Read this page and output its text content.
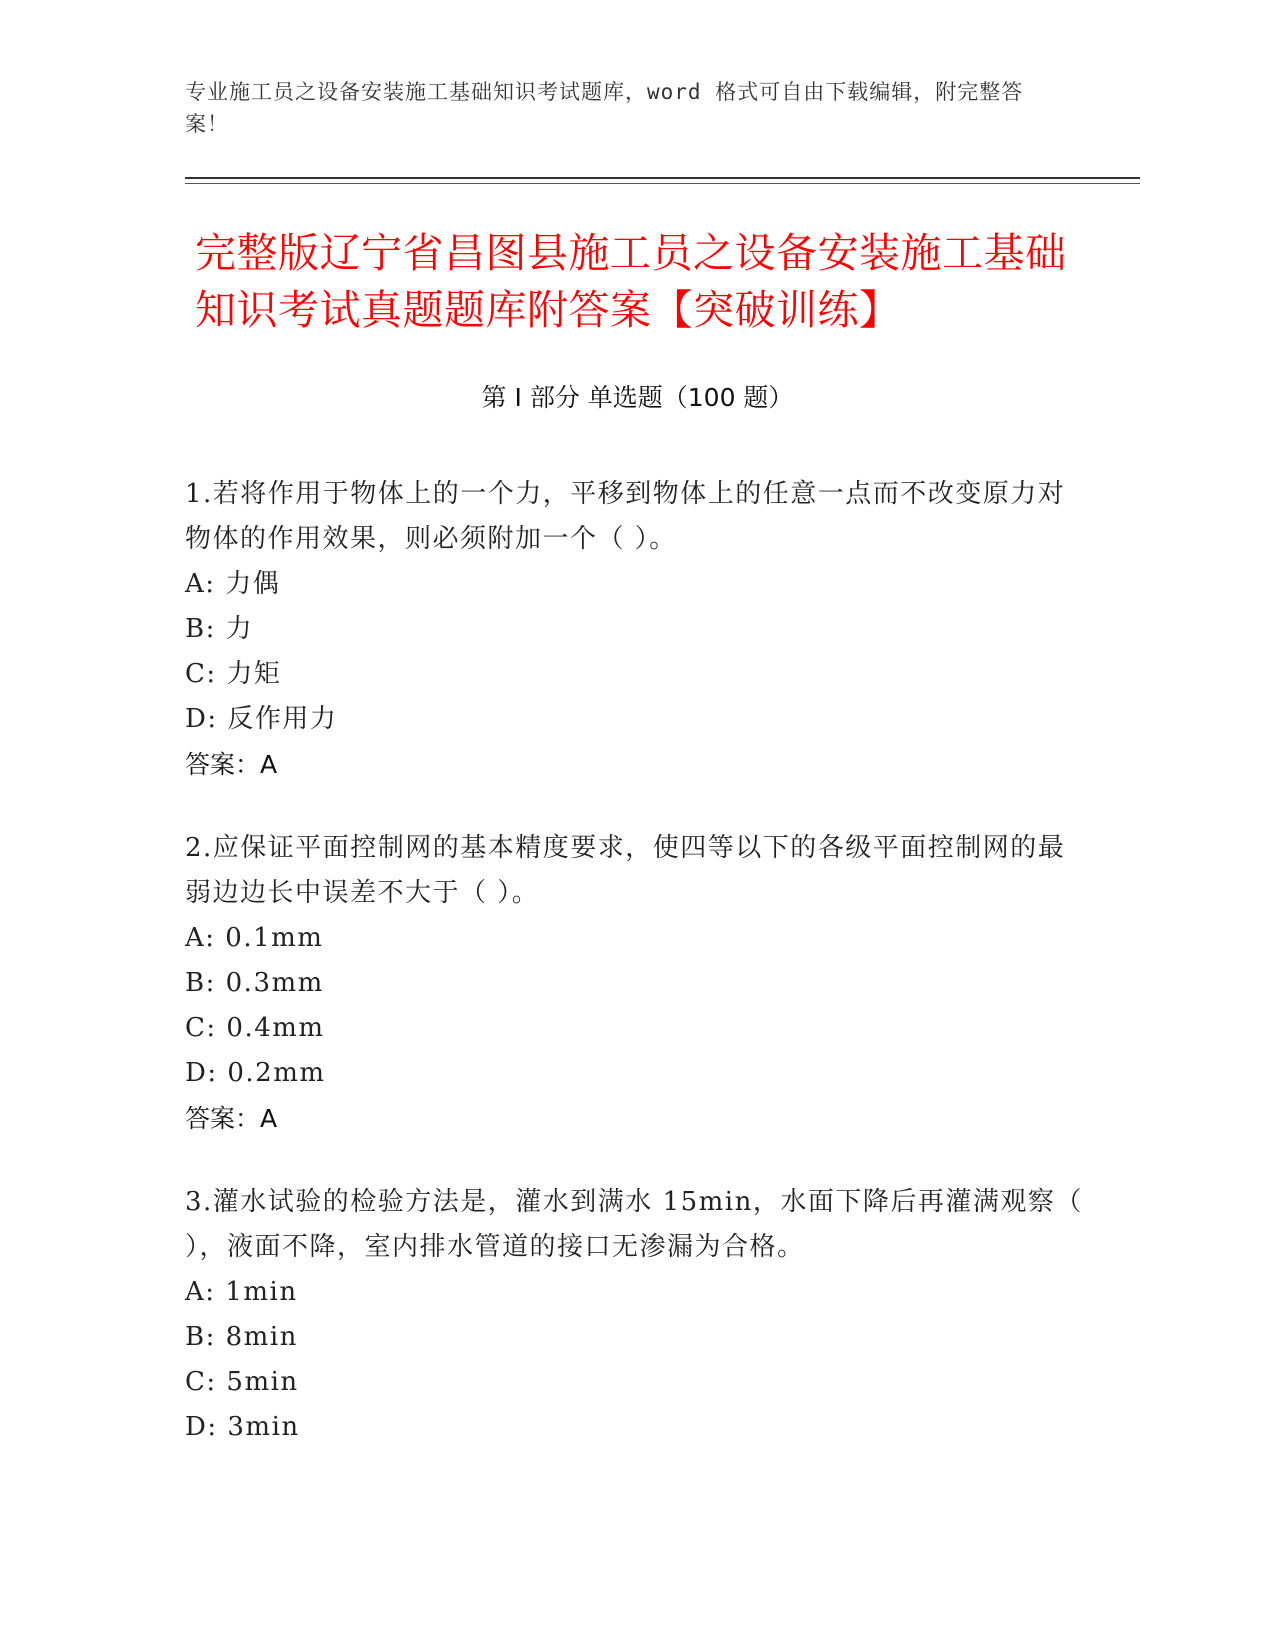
专业施工员之设备安装施工基础知识考试题库，word 格式可自由下载编辑，附完整答案！
完整版辽宁省昌图县施工员之设备安装施工基础知识考试真题题库附答案【突破训练】
第 I 部分 单选题（100 题）
1.若将作用于物体上的一个力，平移到物体上的任意一点而不改变原力对物体的作用效果，则必须附加一个（ ）。
A: 力偶
B: 力
C: 力矩
D: 反作用力
答案：A
2.应保证平面控制网的基本精度要求，使四等以下的各级平面控制网的最弱边边长中误差不大于（ ）。
A: 0.1mm
B: 0.3mm
C: 0.4mm
D: 0.2mm
答案：A
3.灌水试验的检验方法是，灌水到满水 15min，水面下降后再灌满观察（ ），液面不降，室内排水管道的接口无渗漏为合格。
A: 1min
B: 8min
C: 5min
D: 3min
